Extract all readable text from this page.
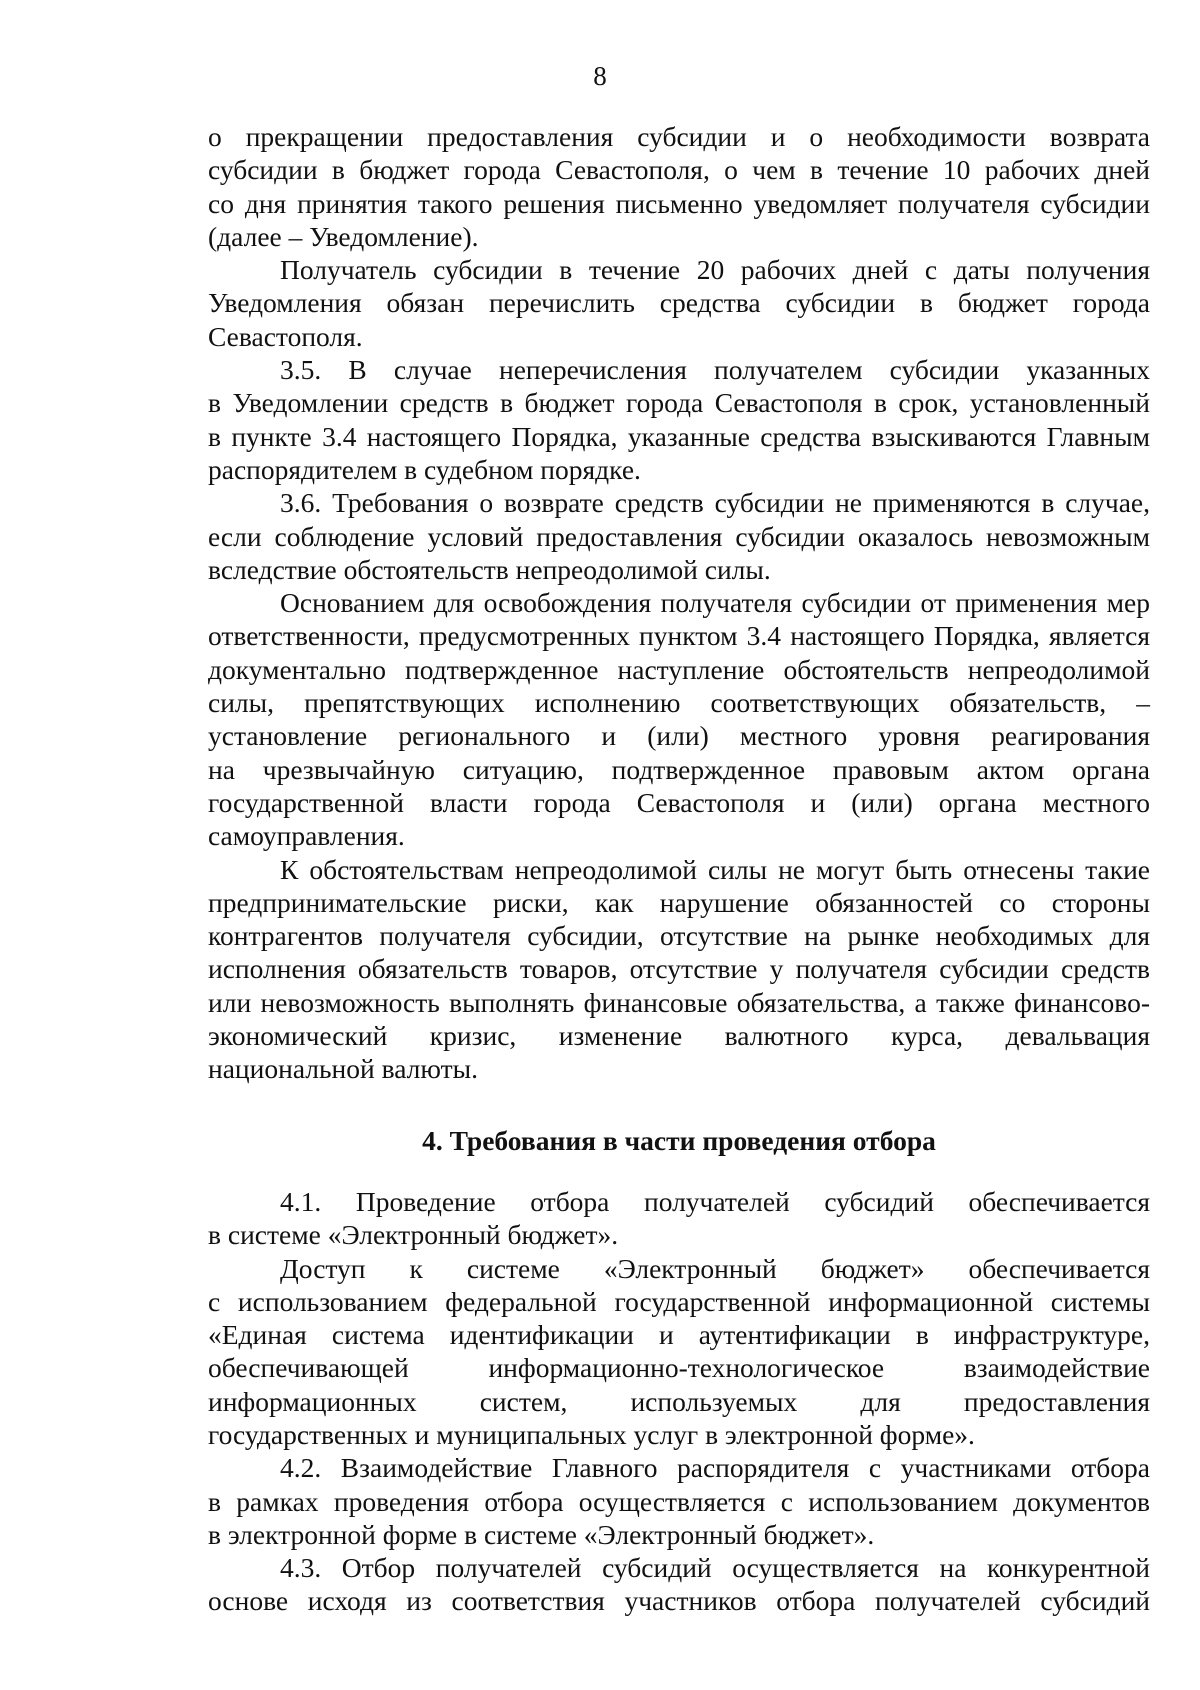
8
о прекращении предоставления субсидии и о необходимости возврата
субсидии в бюджет города Севастополя, о чем в течение 10 рабочих дней
со дня принятия такого решения письменно уведомляет получателя субсидии
(далее – Уведомление).
Получатель субсидии в течение 20 рабочих дней с даты получения
Уведомления обязан перечислить средства субсидии в бюджет города
Севастополя.
3.5. В случае неперечисления получателем субсидии указанных
в Уведомлении средств в бюджет города Севастополя в срок, установленный
в пункте 3.4 настоящего Порядка, указанные средства взыскиваются Главным
распорядителем в судебном порядке.
3.6. Требования о возврате средств субсидии не применяются в случае,
если соблюдение условий предоставления субсидии оказалось невозможным
вследствие обстоятельств непреодолимой силы.
Основанием для освобождения получателя субсидии от применения мер
ответственности, предусмотренных пунктом 3.4 настоящего Порядка, является
документально подтвержденное наступление обстоятельств непреодолимой
силы, препятствующих исполнению соответствующих обязательств, –
установление регионального и (или) местного уровня реагирования
на чрезвычайную ситуацию, подтвержденное правовым актом органа
государственной власти города Севастополя и (или) органа местного
самоуправления.
К обстоятельствам непреодолимой силы не могут быть отнесены такие
предпринимательские риски, как нарушение обязанностей со стороны
контрагентов получателя субсидии, отсутствие на рынке необходимых для
исполнения обязательств товаров, отсутствие у получателя субсидии средств
или невозможность выполнять финансовые обязательства, а также финансово-
экономический кризис, изменение валютного курса, девальвация
национальной валюты.
4. Требования в части проведения отбора
4.1. Проведение отбора получателей субсидий обеспечивается
в системе «Электронный бюджет».
Доступ к системе «Электронный бюджет» обеспечивается
с использованием федеральной государственной информационной системы
«Единая система идентификации и аутентификации в инфраструктуре,
обеспечивающей информационно-технологическое взаимодействие
информационных систем, используемых для предоставления
государственных и муниципальных услуг в электронной форме».
4.2. Взаимодействие Главного распорядителя с участниками отбора
в рамках проведения отбора осуществляется с использованием документов
в электронной форме в системе «Электронный бюджет».
4.3. Отбор получателей субсидий осуществляется на конкурентной
основе исходя из соответствия участников отбора получателей субсидий
